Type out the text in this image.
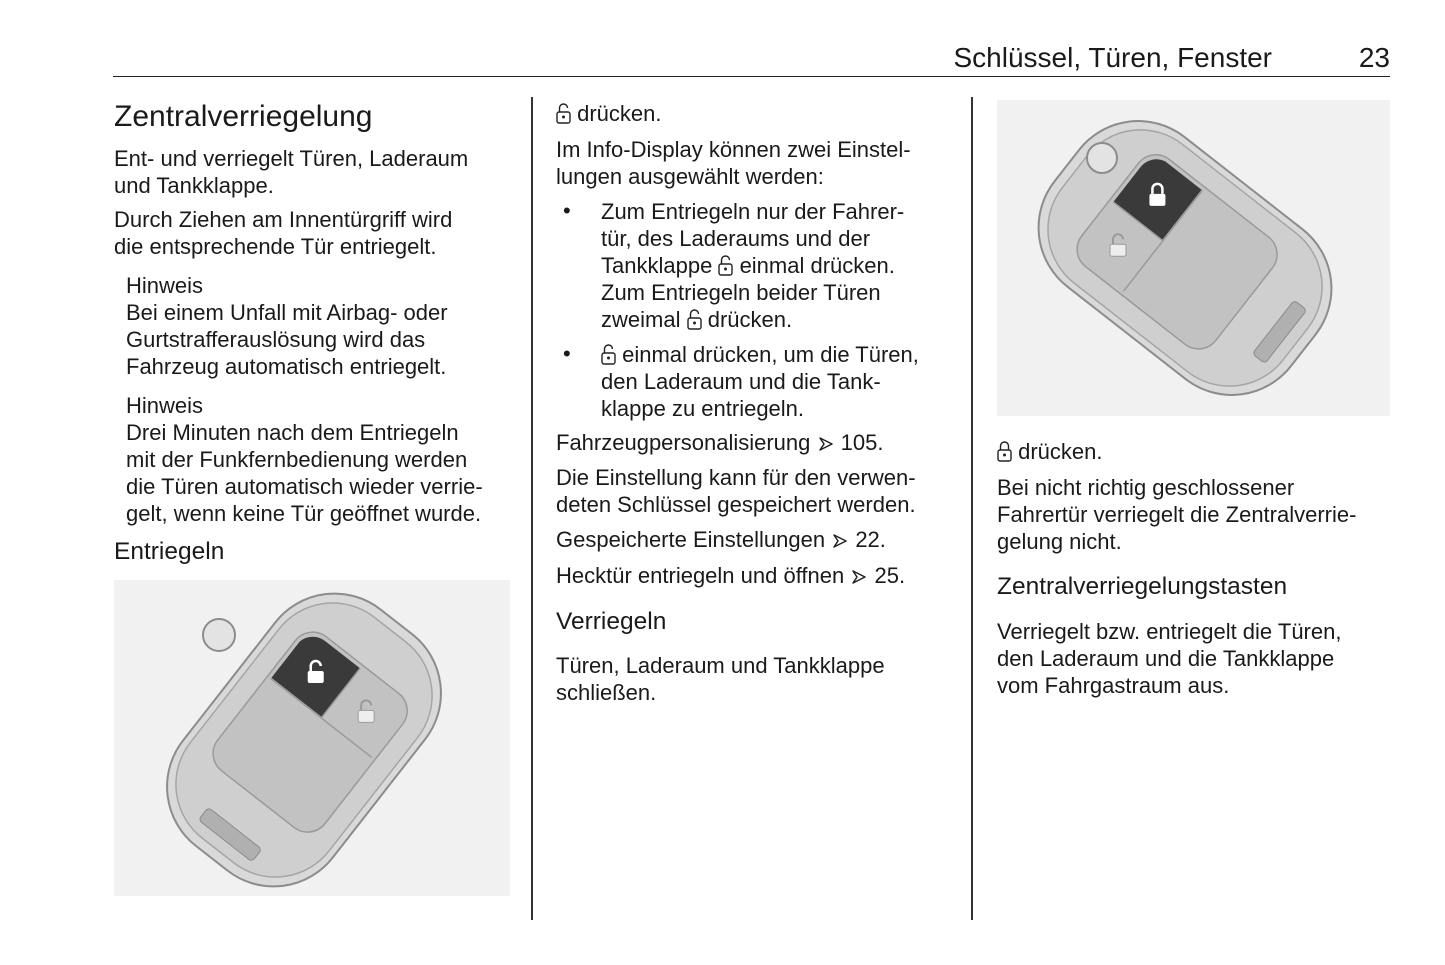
Schlüssel, Türen, Fenster	23
Zentralverriegelung

Ent- und verriegelt Türen, Laderaum

und Tankklappe.

Durch Ziehen am Innentürgriff wird

die entsprechende Tür entriegelt.

Hinweis

Bei einem Unfall mit Airbag- oder

Gurtstrafferauslösung wird das

Fahrzeug automatisch entriegelt.

Hinweis

Drei Minuten nach dem Entriegeln

mit der Funkfernbedienung werden

die Türen automatisch wieder verrie-

gelt, wenn keine Tür geöffnet wurde.

Entriegeln

drücken.

Im Info-Display können zwei Einstel-

lungen ausgewählt werden:

• Zum Entriegeln nur der Fahrer-

tür, des Laderaums und der

Tankklappe einmal drücken.

Zum Entriegeln beider Türen

zweimal drücken.

•	einmal drücken, um die Türen,

den Laderaum und die Tank-

klappe zu entriegeln.

Fahrzeugpersonalisierung 105.

Die Einstellung kann für den verwen-

deten Schlüssel gespeichert werden.

Gespeicherte Einstellungen 22.

Hecktür entriegeln und öffnen 25.

Verriegeln

Türen, Laderaum und Tankklappe

schließen.

drücken.

Bei nicht richtig geschlossener

Fahrertür verriegelt die Zentralverrie-

gelung nicht.

Zentralverriegelungstasten

Verriegelt bzw. entriegelt die Türen,

den Laderaum und die Tankklappe

vom Fahrgastraum aus.
